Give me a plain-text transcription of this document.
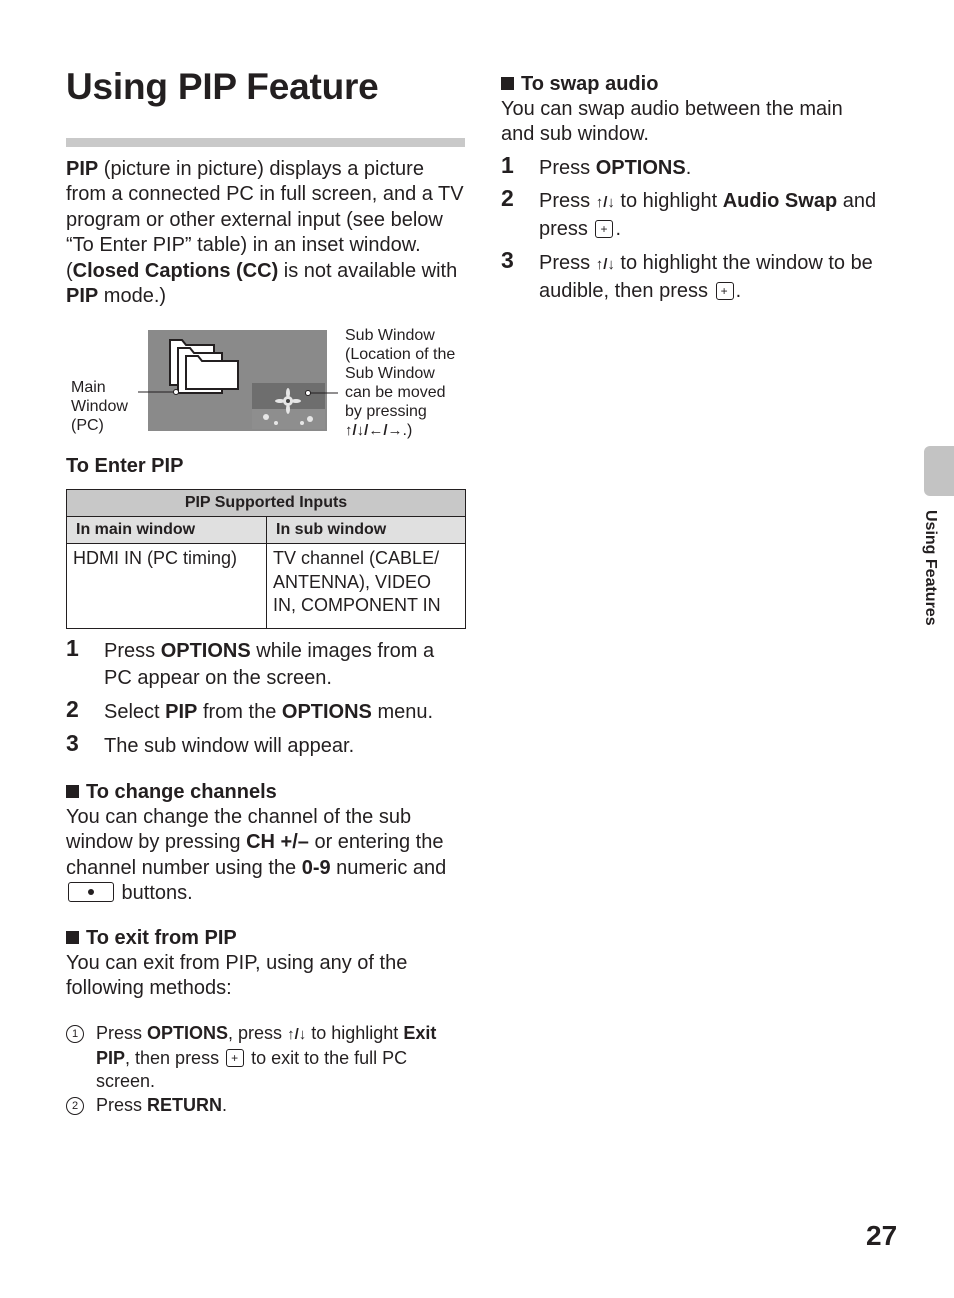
Using PIP Feature
PIP (picture in picture) displays a picture from a connected PC in full screen, and a TV program or other external input (see below “To Enter PIP” table) in an inset window. (Closed Captions (CC) is not available with PIP mode.)
Main
Window
(PC)
Sub Window
(Location of the
Sub Window
can be moved
by pressing
↑/↓/←/→.)
To Enter PIP
PIP Supported Inputs	
In main window	In sub window
HDMI IN (PC timing)	TV channel (CABLE/ ANTENNA), VIDEO IN, COMPONENT IN
1	Press OPTIONS while images from a PC appear on the screen.
2	Select PIP from the OPTIONS menu.
3	The sub window will appear.
To change channels
You can change the channel of the sub window by pressing CH +/– or entering the channel number using the 0-9 numeric and
buttons.
To exit from PIP
You can exit from PIP, using any of the following methods:
1 Press OPTIONS, press ↑/↓ to highlight Exit PIP, then press + to exit to the full PC screen.
2 Press RETURN.
To swap audio
You can swap audio between the main and sub window.
1	Press OPTIONS.
2	Press ↑/↓ to highlight Audio Swap and press + .
3	Press ↑/↓ to highlight the window to be audible, then press + .
Using Features
27
